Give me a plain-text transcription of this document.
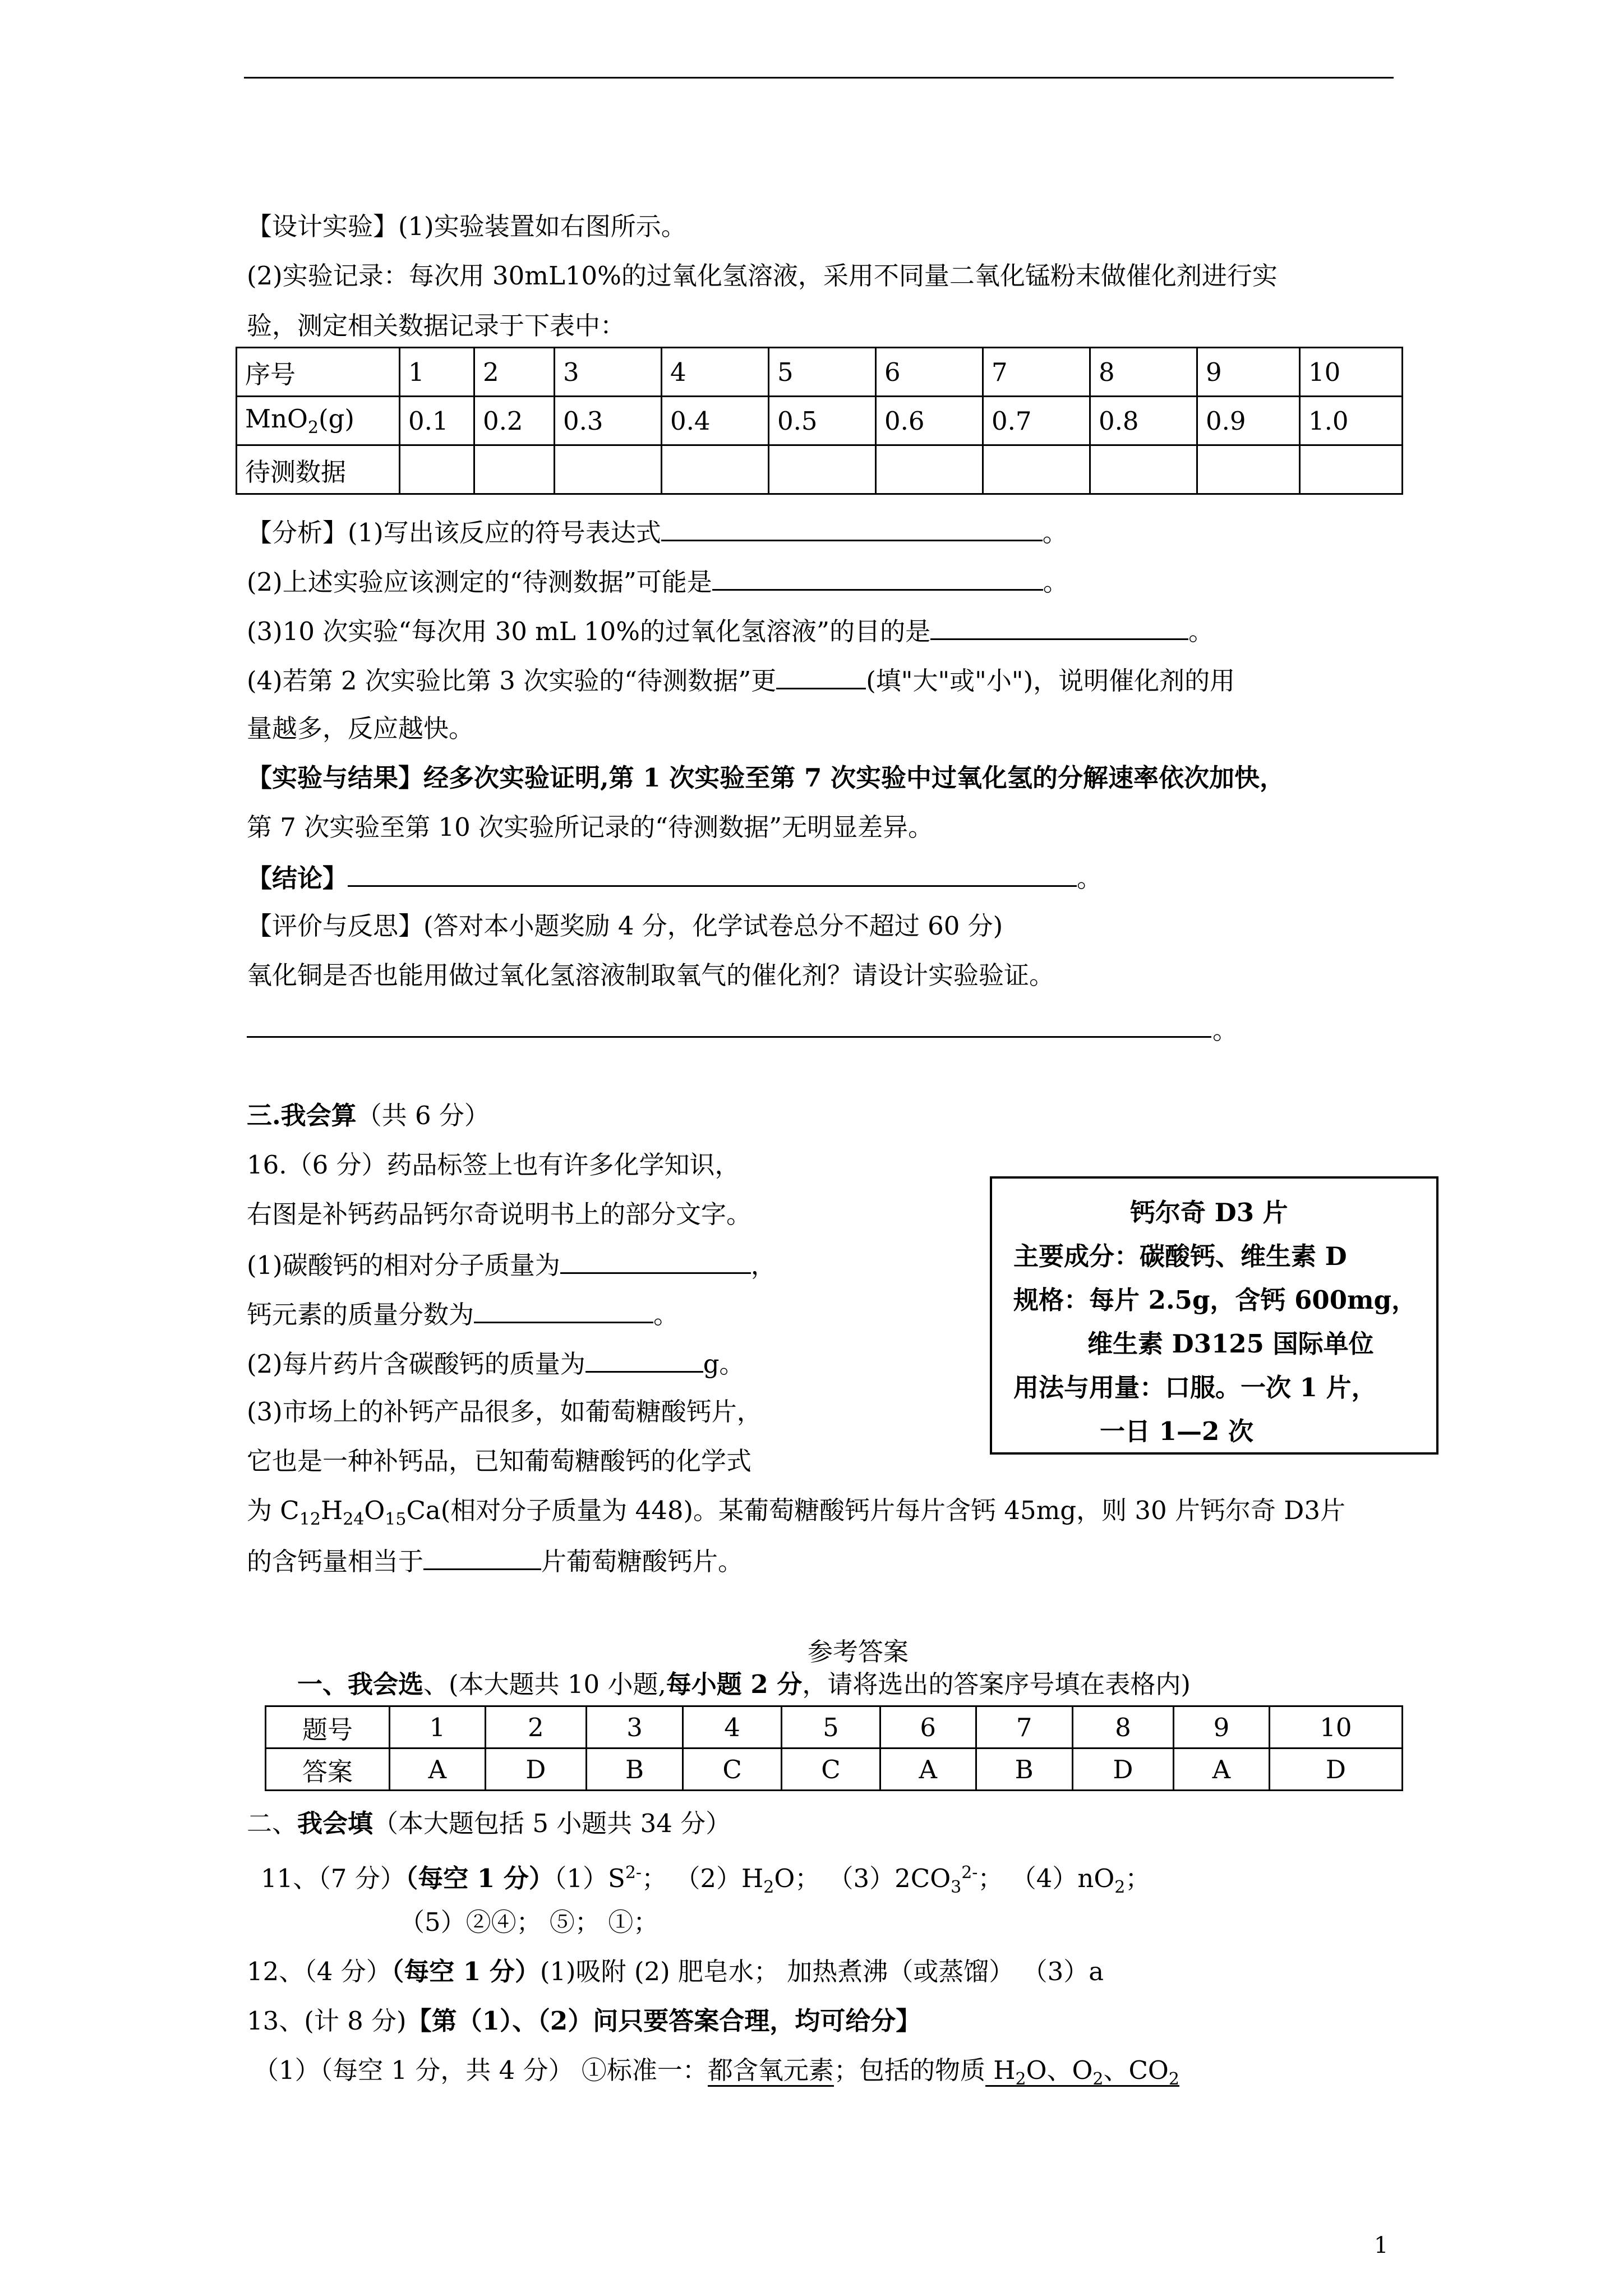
【设计实验】(1)实验装置如右图所示。
(2)实验记录：每次用 30mL10%的过氧化氢溶液，采用不同量二氧化锰粉末做催化剂进行实
验，测定相关数据记录于下表中：
序号	1	2	3	4	5	6	7	8	9	10
MnO$_2$(g)	0.1	0.2	0.3	0.4	0.5	0.6	0.7	0.8	0.9	1.0
待测数据										
【分析】(1)写出该反应的符号表达式	。
(2)上述实验应该测定的“待测数据”可能是	。
(3)10 次实验“每次用 30 mL 10%的过氧化氢溶液”的目的是	。
(4)若第 2 次实验比第 3 次实验的“待测数据”更	(填"大"或"小")，说明催化剂的用
量越多，反应越快。
【实验与结果】经多次实验证明,第 1 次实验至第 7 次实验中过氧化氢的分解速率依次加快，
第 7 次实验至第 10 次实验所记录的“待测数据”无明显差异。
【结论】	。
【评价与反思】(答对本小题奖励 4 分，化学试卷总分不超过 60 分)
氧化铜是否也能用做过氧化氢溶液制取氧气的催化剂？请设计实验验证。
。
三.我会算（共 6 分）
16.（6 分）药品标签上也有许多化学知识，
右图是补钙药品钙尔奇说明书上的部分文字。
(1)碳酸钙的相对分子质量为	，
钙元素的质量分数为	。
(2)每片药片含碳酸钙的质量为	g。
(3)市场上的补钙产品很多，如葡萄糖酸钙片，
它也是一种补钙品，已知葡萄糖酸钙的化学式
为 $C_{12}H_{24}O_{15}Ca$(相对分子质量为 448)。某葡萄糖酸钙片每片含钙 45mg，则 30 片钙尔奇 D3片
的含钙量相当于	片葡萄糖酸钙片。
钙尔奇 D3 片
主要成分：碳酸钙、维生素 D
规格：每片 2.5g，含钙 600mg，
维生素 D3125 国际单位
用法与用量：口服。一次 1 片，
一日 1—2 次
参考答案
一、我会选、(本大题共 10 小题,每小题 2 分，请将选出的答案序号填在表格内)
题号	1	2	3	4	5	6	7	8	9	10
答案	A	D	B	C	C	A	B	D	A	D
二、我会填（本大题包括 5 小题共 34 分）
11、（7 分）（每空 1 分）$(1)S^{2-}$； $(2)H_2O$； $(3)2CO_3^{2-}$； $(4)nO_2$；
（5）②④； ⑤； ①；
12、（4 分）（每空 1 分）(1)吸附 (2) 肥皂水； 加热煮沸（或蒸馏） （3）a
13、(计 8 分)【第（1）、（2）问只要答案合理，均可给分】
（1）（每空 1 分，共 4 分） ①标准一：都含氧元素；包括的物质 $H_2O$、$O_2$、$CO_2$
1
